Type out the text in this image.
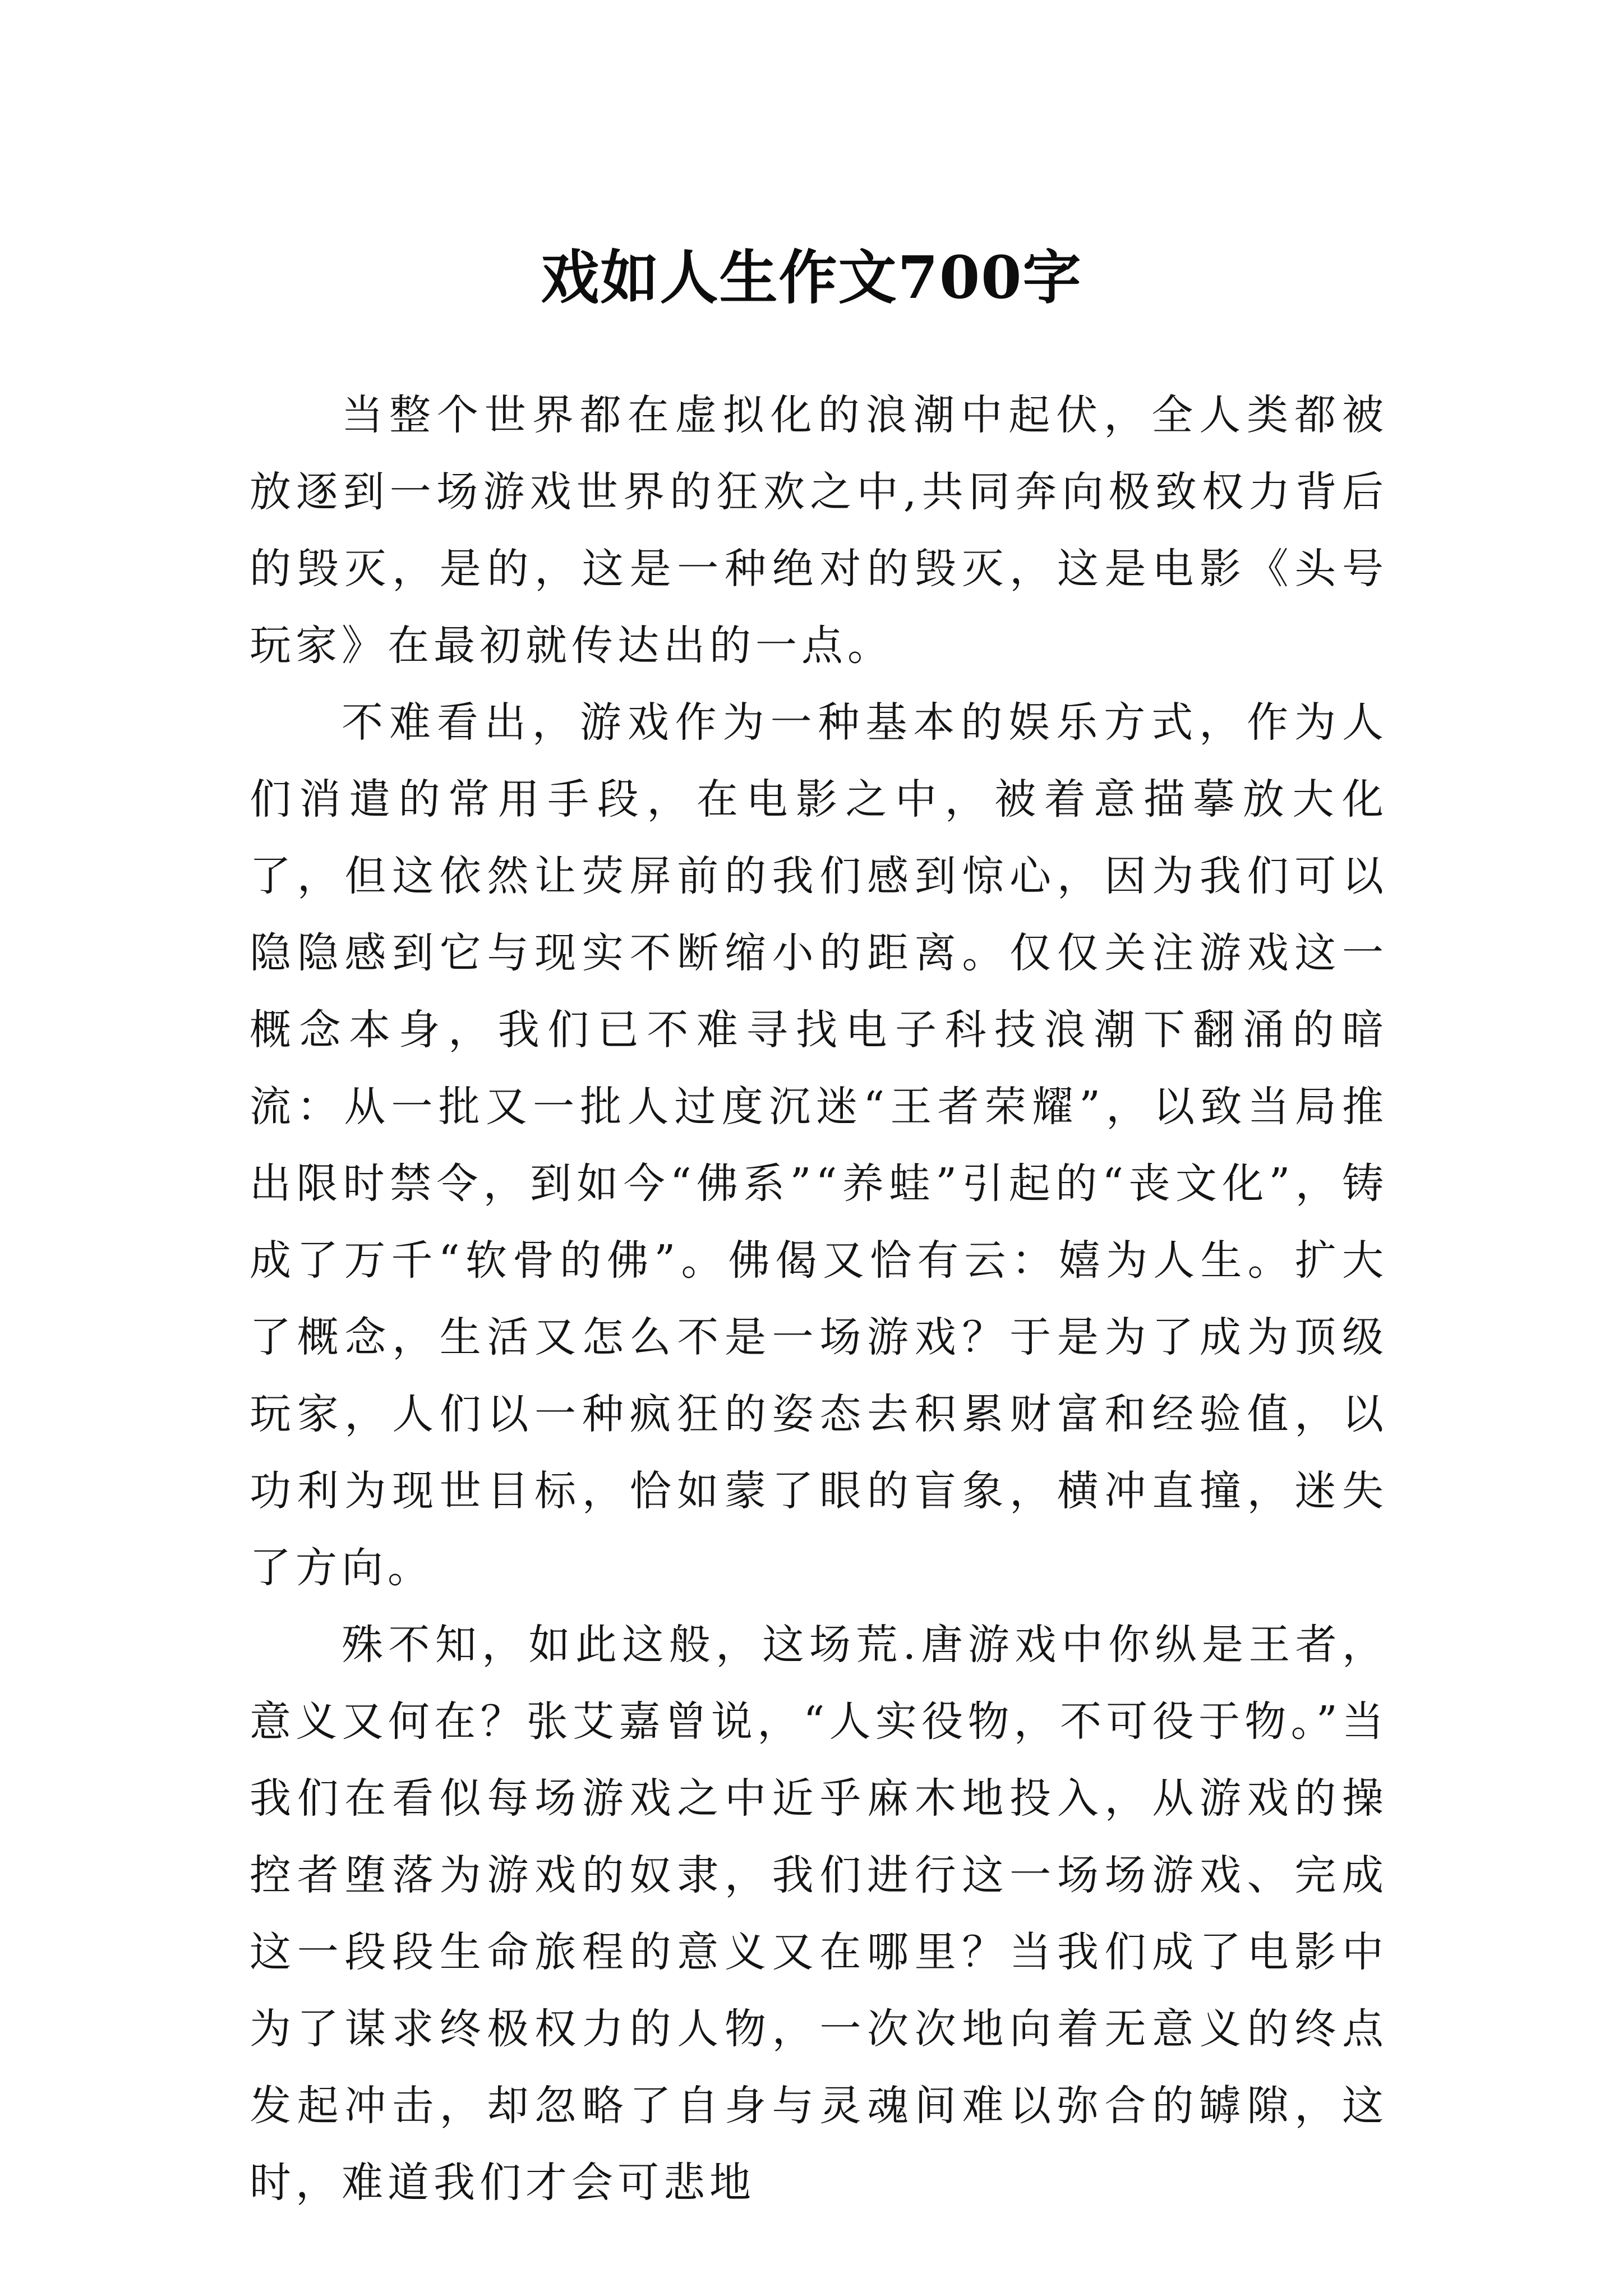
戏如人生作文700字

当整个世界都在虚拟化的浪潮中起伏，全人类都被放逐到一场游戏世界的狂欢之中,共同奔向极致权力背后的毁灭，是的，这是一种绝对的毁灭，这是电影《头号玩家》在最初就传达出的一点。

不难看出，游戏作为一种基本的娱乐方式，作为人们消遣的常用手段，在电影之中，被着意描摹放大化了，但这依然让荧屏前的我们感到惊心，因为我们可以隐隐感到它与现实不断缩小的距离。仅仅关注游戏这一概念本身，我们已不难寻找电子科技浪潮下翻涌的暗流：从一批又一批人过度沉迷“王者荣耀”，以致当局推出限时禁令，到如今“佛系”“养蛙”引起的“丧文化”，铸成了万千“软骨的佛”。佛偈又恰有云：嬉为人生。扩大了概念，生活又怎么不是一场游戏？于是为了成为顶级玩家，人们以一种疯狂的姿态去积累财富和经验值，以功利为现世目标，恰如蒙了眼的盲象，横冲直撞，迷失了方向。

殊不知，如此这般，这场荒.唐游戏中你纵是王者，意义又何在？张艾嘉曾说，“人实役物，不可役于物。”当我们在看似每场游戏之中近乎麻木地投入，从游戏的操控者堕落为游戏的奴隶，我们进行这一场场游戏、完成这一段段生命旅程的意义又在哪里？当我们成了电影中为了谋求终极权力的人物，一次次地向着无意义的终点发起冲击，却忽略了自身与灵魂间难以弥合的罅隙，这时，难道我们才会可悲地
